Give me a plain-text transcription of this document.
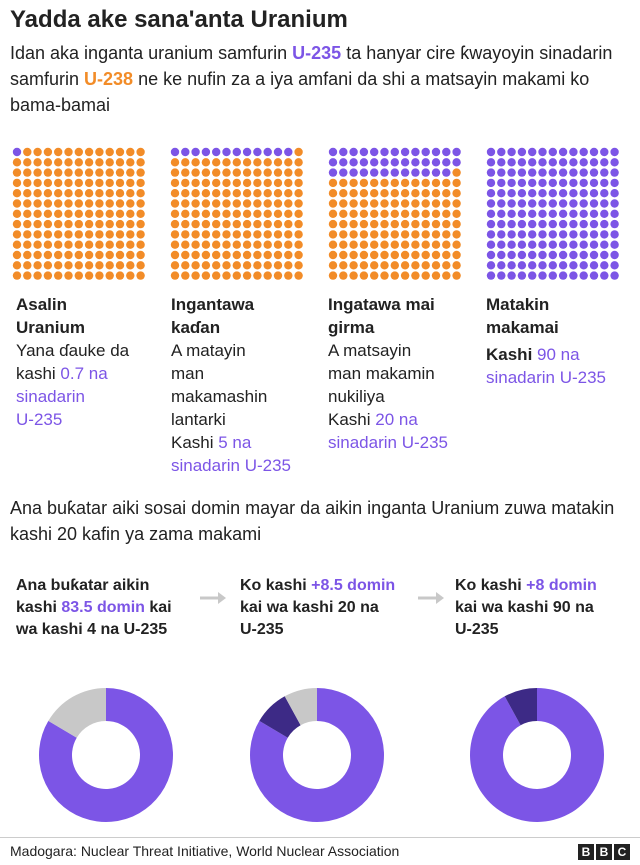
Yadda ake sana'anta Uranium

Idan aka inganta uranium samfurin U-235 ta hanyar cire ƙwayoyin sinadarin samfurin U-238 ne ke nufin za a iya amfani da shi a matsayin makami ko bama-bamai

Asalin
Uranium
Yana ɗauke da
kashi 0.7 na
sinadarin
U-235
Ingantawa
kaɗan
A matayin
man
makamashin
lantarki
Kashi 5 na
sinadarin U-235
Ingatawa mai
girma
A matsayin
man makamin
nukiliya
Kashi 20 na
sinadarin U-235
Matakin
makamai
Kashi 90 na
sinadarin U-235

Ana buƙatar aiki sosai domin mayar da aikin inganta Uranium zuwa matakin kashi 20 kafin ya zama makami

Ana buƙatar aikin
kashi 83.5 domin kai
wa kashi 4 na U-235
Ko kashi +8.5 domin
kai wa kashi 20 na
U-235
Ko kashi +8 domin
kai wa kashi 90 na
U-235
Madogara: Nuclear Threat Initiative, World Nuclear Association	B B C
